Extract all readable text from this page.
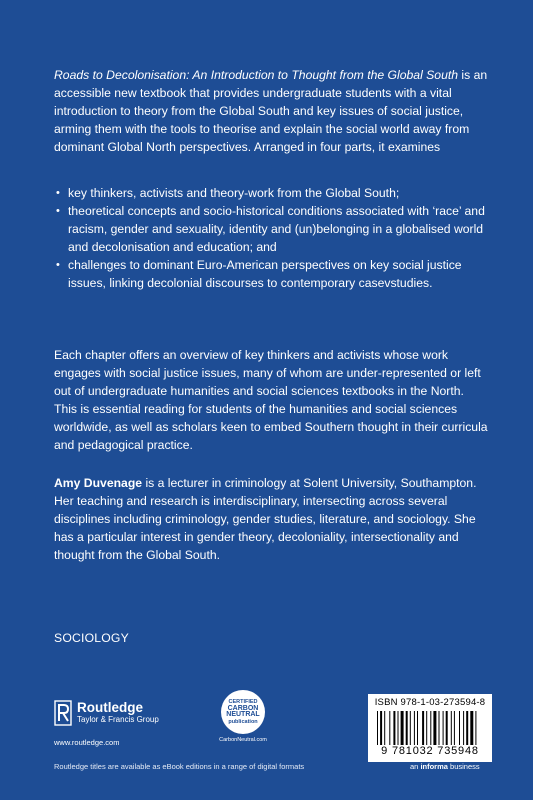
Roads to Decolonisation: An Introduction to Thought from the Global South is an accessible new textbook that provides undergraduate students with a vital introduction to theory from the Global South and key issues of social justice, arming them with the tools to theorise and explain the social world away from dominant Global North perspectives. Arranged in four parts, it examines

• key thinkers, activists and theory-work from the Global South;
• theoretical concepts and socio-historical conditions associated with ‘race’ and racism, gender and sexuality, identity and (un)belonging in a globalised world and decolonisation and education; and
• challenges to dominant Euro-American perspectives on key social justice issues, linking decolonial discourses to contemporary casevstudies.

Each chapter offers an overview of key thinkers and activists whose work engages with social justice issues, many of whom are under-represented or left out of undergraduate humanities and social sciences textbooks in the North. This is essential reading for students of the humanities and social sciences worldwide, as well as scholars keen to embed Southern thought in their curricula and pedagogical practice.

Amy Duvenage is a lecturer in criminology at Solent University, Southampton. Her teaching and research is interdisciplinary, intersecting across several disciplines including criminology, gender studies, literature, and sociology. She has a particular interest in gender theory, decoloniality, intersectionality and thought from the Global South.

SOCIOLOGY
Routledge
Taylor & Francis Group
www.routledge.com
CERTIFIED
CARBON
NEUTRAL
publication
CarbonNeutral.com
ISBN 978-1-03-273594-8
9 781032 735948
Routledge titles are available as eBook editions in a range of digital formats	an informa business
